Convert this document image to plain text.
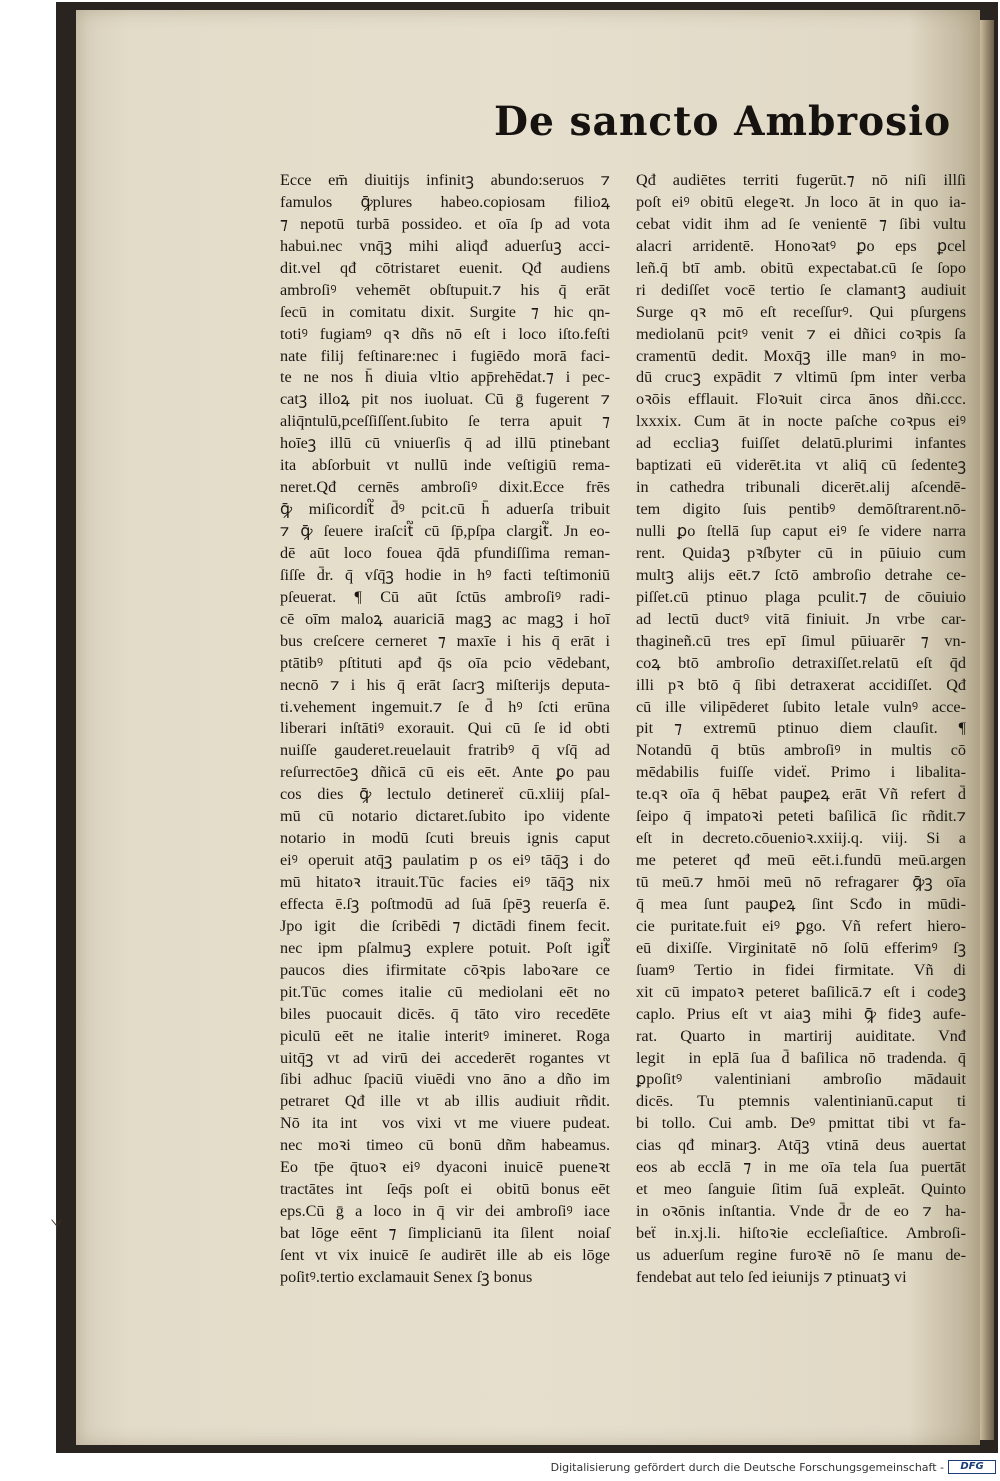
De sancto Ambrosio
Ecce em̄ diuitijs infinitꝫ abundo:seruos ⁊
famulos ꝙ̄plures habeo.copiosam filioꝝ
⁊ nepotū turbā possideo. et oīa ſp ad vota
habui.nec vnq̄ꝫ mihi aliqđ aduerſuꝫ acci-
dit.vel qđ cōtristaret euenit. Qđ audiens
ambroſiꝰ vehemēt obſtupuit.⁊ his q̄ erāt
ſecū in comitatu dixit. Surgite ⁊ hic qn-
totiꝰ fugiamꝰ qꝛ dñs nō eſt i loco iſto.feſti
nate filij feſtinare:nec i fugiēdo morā faci-
te ne nos h̄ diuia vltio app̄rehēdat.⁊ i pec-
catꝫ illoꝝ pit nos iuoluat. Cū ḡ fugerent ⁊
aliq̄ntulū,pceſſiſſent.ſubito ſe terra apuit ⁊
hoīeꝫ illū cū vniuerſis q̄ ad illū ptinebant
ita abſorbuit vt nullū inde veſtigiū rema-
neret.Qđ cernēs ambroſiꝰ dixit.Ecce frēs
ꝙ̄ miſicordit᷑ d̄ꝰ pcit.cū h̄ aduerſa tribuit
⁊ ꝙ̄ ſeuere iraſcit᷑ cū ſp̄,pſpa clargit᷑. Jn eo-
dē aūt loco fouea q̄dā pfundiſſima reman-
ſiſſe d̄r. q̄ vſq̄ꝫ hodie in hꝰ facti teſtimoniū
pſeuerat. ¶ Cū aūt ſctūs ambroſiꝰ radi-
cē oīm maloꝝ auariciā magꝫ ac magꝫ i hoī
bus creſcere cerneret ⁊ maxīe i his q̄ erāt i
ptātibꝰ pſtituti apđ q̄s oīa pcio vēdebant,
necnō ⁊ i his q̄ erāt ſacrꝫ miſterijs deputa-
ti.vehement ingemuit.⁊ ſe d̄ hꝰ ſcti erūna
liberari inſtātiꝰ exorauit. Qui cū ſe id obti
nuiſſe gauderet.reuelauit fratribꝰ q̄ vſq̄ ad
reſurrectōeꝫ dñicā cū eis eēt. Ante ꝑo pau
cos dies ꝙ̄ lectulo detinereẗ cū.xliij pſal-
mū cū notario dictaret.ſubito ipo vidente
notario in modū ſcuti breuis ignis caput
eiꝰ operuit atq̄ꝫ paulatim p os eiꝰ tāq̄ꝫ i do
mū hitatoꝛ itrauit.Tūc facies eiꝰ tāq̄ꝫ nix
effecta ē.ſꝫ poſtmodū ad ſuā ſpēꝫ reuerſa ē.
Jpo igit᷑ die ſcribēdi ⁊ dictādi finem fecit.
nec ipm pſalmuꝫ explere potuit. Poſt igit᷑
paucos dies ifirmitate cōꝛpis laboꝛare ce
pit.Tūc comes italie cū mediolani eēt no
biles puocauit dicēs. q̄ tāto viro recedēte
piculū eēt ne italie interitꝰ imineret. Roga
uitq̄ꝫ vt ad virū dei accederēt rogantes vt
ſibi adhuc ſpaciū viuēdi vno āno a dño im
petraret Qđ ille vt ab illis audiuit rñdit.
Nō ita int᷑ vos vixi vt me viuere pudeat.
nec moꝛi timeo cū bonū dñm habeamus.
Eo tp̄e q̄tuoꝛ eiꝰ dyaconi inuicē pueneꝛt
tractātes int᷑ ſeq̄s poſt eiꝰ obitū bonus eēt
eps.Cū ḡ a loco in q̄ vir dei ambroſiꝰ iace
bat lōge eēnt ⁊ ſimplicianū ita ſilent᷑ noiaſ
ſent vt vix inuicē ſe audirēt ille ab eis lōge
poſitꝰ.tertio exclamauit Senex ſꝫ bonus
Qđ audiētes territi fugerūt.⁊ nō niſi illſi
poſt eiꝰ obitū elegeꝛt. Jn loco āt in quo ia-
cebat vidit ihm ad ſe venientē ⁊ ſibi vultu
alacri arridentē. Honoꝛatꝰ ꝑo eps ꝑcel
leñ.q̄ btī amb. obitū expectabat.cū ſe ſopo
ri dediſſet vocē tertio ſe clamantꝫ audiuit
Surge qꝛ mō eſt receſſurꝰ. Qui pſurgens
mediolanū pcitꝰ venit ⁊ ei dñici coꝛpis ſa
cramentū dedit. Moxq̄ꝫ ille manꝰ in mo-
dū crucꝫ expādit ⁊ vltimū ſpm inter verba
oꝛōis efflauit. Floꝛuit circa ānos dñi.ccc.
lxxxix. Cum āt in nocte paſche coꝛpus eiꝰ
ad eccliaꝫ fuiſſet delatū.plurimi infantes
baptizati eū viderēt.ita vt aliq̄ cū ſedenteꝫ
in cathedra tribunali dicerēt.alij aſcendē-
tem digito ſuis pentibꝰ demōſtrarent.nō-
nulli ꝑo ſtellā ſup caput eiꝰ ſe videre narra
rent. Quidaꝫ pꝛſbyter cū in pūiuio cum
multꝫ alijs eēt.⁊ ſctō ambroſio detrahe ce-
piſſet.cū ptinuo plaga pculit.⁊ de cōuiuio
ad lectū ductꝰ vitā finiuit. Jn vrbe car-
thagineñ.cū tres epī ſimul pūiuarēr ⁊ vn-
coꝝ btō ambroſio detraxiſſet.relatū eſt q̄d
illi pꝛ btō q̄ ſibi detraxerat accidiſſet. Qđ
cū ille vilipēderet ſubito letale vulnꝰ acce-
pit ⁊ extremū ptinuo diem clauſit. ¶
Notandū q̄ btūs ambroſiꝰ in multis cō
mēdabilis fuiſſe videẗ. Primo i libalita-
te.qꝛ oīa q̄ hēbat pauꝑeꝝ erāt Vñ refert d̄
ſeipo q̄ impatoꝛi peteti baſilicā ſic rñdit.⁊
eſt in decreto.cōuenioꝛ.xxiij.q. viij. Si a
me peteret qđ meū eēt.i.fundū meū.argen
tū meū.⁊ hmōi meū nō refragarer ꝙ̄ꝫ oīa
q̄ mea ſunt pauꝑeꝝ ſint Scđo in mūdi-
cie puritate.fuit eiꝰ ꝑgo. Vñ refert hiero-
eū dixiſſe. Virginitatē nō ſolū efferimꝰ ſꝫ
ſuamꝰ Tertio in fidei firmitate. Vñ di
xit cū impatoꝛ peteret baſilicā.⁊ eſt i codeꝫ
caplo. Prius eſt vt aiaꝫ mihi ꝙ̄ fideꝫ aufe-
rat. Quarto in martirij auiditate. Vnđ
legit᷑ in eplā ſua d̄ baſilica nō tradenda. q̄
ꝑpoſitꝰ valentiniani ambroſio mādauit
dicēs. Tu ptemnis valentinianū.caput ti
bi tollo. Cui amb. Deꝰ pmittat tibi vt fa-
cias qđ minarꝫ. Atq̄ꝫ vtinā deus auertat
eos ab ecclā ⁊ in me oīa tela ſua puertāt
et meo ſanguie ſitim ſuā expleāt. Quinto
in oꝛōnis inſtantia. Vnde d̄r de eo ⁊ ha-
beẗ in.xj.li. hiſtoꝛie eccleſiaſtice. Ambroſi-
us aduerſum regine furoꝛē nō ſe manu de-
fendebat aut telo ſed ieiunijs ⁊ ptinuatꝫ vi
ᛉ
Digitalisierung gefördert durch die Deutsche Forschungsgemeinschaft -	DFG
